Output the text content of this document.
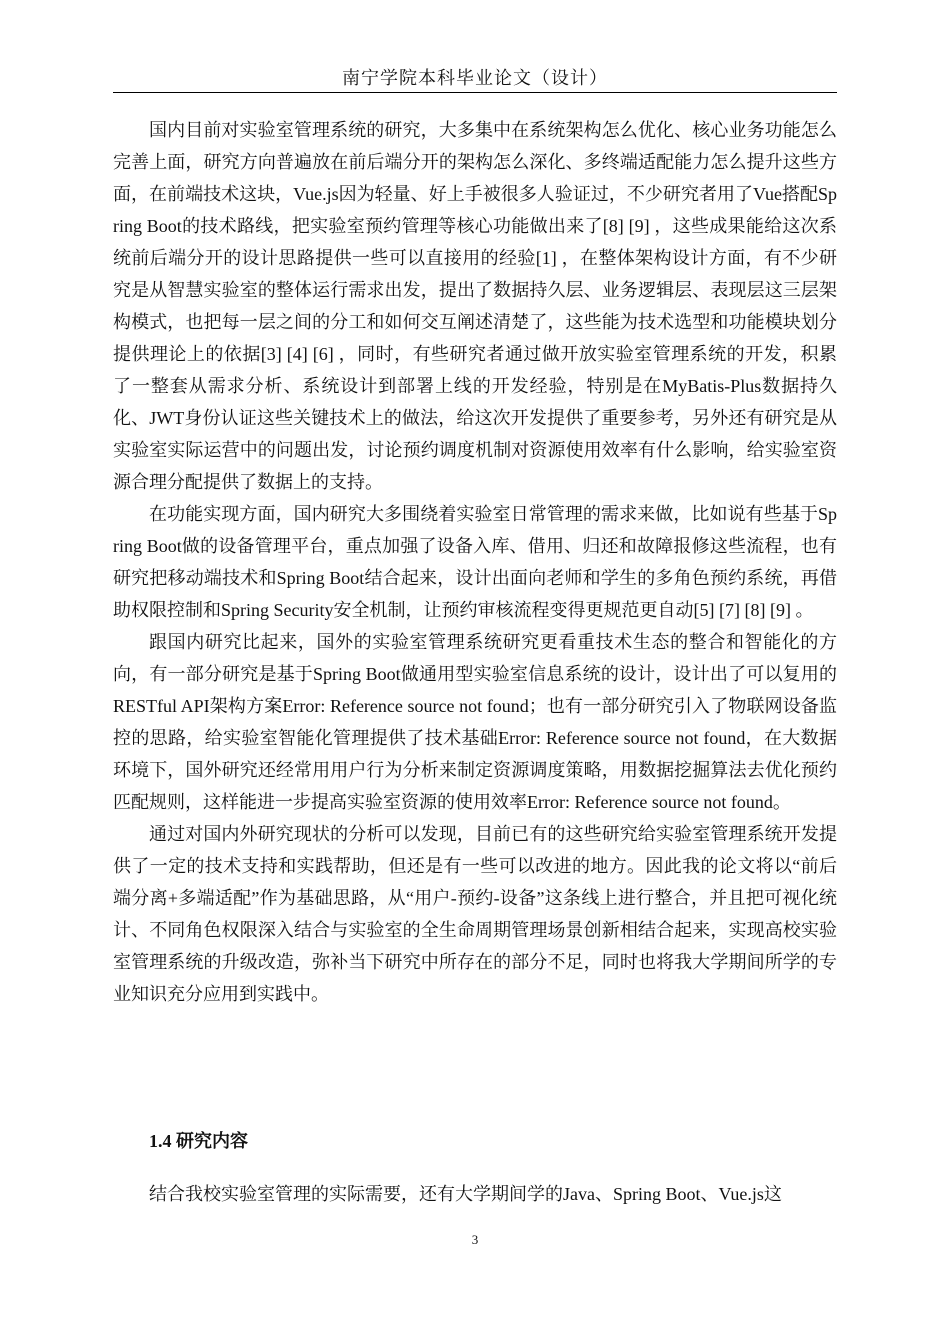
南宁学院本科毕业论文（设计）

国内目前对实验室管理系统的研究，大多集中在系统架构怎么优化、核心业务功能怎么完善上面，研究方向普遍放在前后端分开的架构怎么深化、多终端适配能力怎么提升这些方面，在前端技术这块，Vue.js因为轻量、好上手被很多人验证过，不少研究者用了Vue搭配Spring Boot的技术路线，把实验室预约管理等核心功能做出来了[8] [9] ，这些成果能给这次系统前后端分开的设计思路提供一些可以直接用的经验[1] ，在整体架构设计方面，有不少研究是从智慧实验室的整体运行需求出发，提出了数据持久层、业务逻辑层、表现层这三层架构模式，也把每一层之间的分工和如何交互阐述清楚了，这些能为技术选型和功能模块划分提供理论上的依据[3] [4] [6] ，同时，有些研究者通过做开放实验室管理系统的开发，积累了一整套从需求分析、系统设计到部署上线的开发经验，特别是在MyBatis-Plus数据持久化、JWT身份认证这些关键技术上的做法，给这次开发提供了重要参考，另外还有研究是从实验室实际运营中的问题出发，讨论预约调度机制对资源使用效率有什么影响，给实验室资源合理分配提供了数据上的支持。

在功能实现方面，国内研究大多围绕着实验室日常管理的需求来做，比如说有些基于Spring Boot做的设备管理平台，重点加强了设备入库、借用、归还和故障报修这些流程，也有研究把移动端技术和Spring Boot结合起来，设计出面向老师和学生的多角色预约系统，再借助权限控制和Spring Security安全机制，让预约审核流程变得更规范更自动[5] [7] [8] [9] 。

跟国内研究比起来，国外的实验室管理系统研究更看重技术生态的整合和智能化的方向，有一部分研究是基于Spring Boot做通用型实验室信息系统的设计，设计出了可以复用的RESTful API架构方案Error: Reference source not found；也有一部分研究引入了物联网设备监控的思路，给实验室智能化管理提供了技术基础Error: Reference source not found，在大数据环境下，国外研究还经常用用户行为分析来制定资源调度策略，用数据挖掘算法去优化预约匹配规则，这样能进一步提高实验室资源的使用效率Error: Reference source not found。

通过对国内外研究现状的分析可以发现，目前已有的这些研究给实验室管理系统开发提供了一定的技术支持和实践帮助，但还是有一些可以改进的地方。因此我的论文将以“前后端分离+多端适配”作为基础思路，从“用户-预约-设备”这条线上进行整合，并且把可视化统计、不同角色权限深入结合与实验室的全生命周期管理场景创新相结合起来，实现高校实验室管理系统的升级改造，弥补当下研究中所存在的部分不足，同时也将我大学期间所学的专业知识充分应用到实践中。

1.4 研究内容

结合我校实验室管理的实际需要，还有大学期间学的Java、Spring Boot、Vue.js这

3
